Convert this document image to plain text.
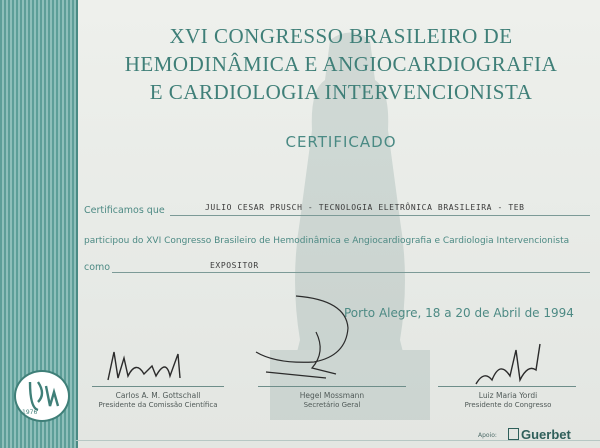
XVI CONGRESSO BRASILEIRO DE
HEMODINÂMICA E ANGIOCARDIOGRAFIA
E CARDIOLOGIA INTERVENCIONISTA
CERTIFICADO
Certificamos que	JULIO CESAR PRUSCH - TECNOLOGIA ELETRÔNICA BRASILEIRA - TEB
participou do XVI Congresso Brasileiro de Hemodinâmica e Angiocardiografia e Cardiologia Intervencionista
como	EXPOSITOR
Porto Alegre, 18 a 20 de Abril de 1994
Carlos A. M. Gottschall
Presidente da Comissão Científica
Hegel Mossmann
Secretário Geral
Luiz Maria Yordi
Presidente do Congresso
1976
Apoio:	Guerbet
